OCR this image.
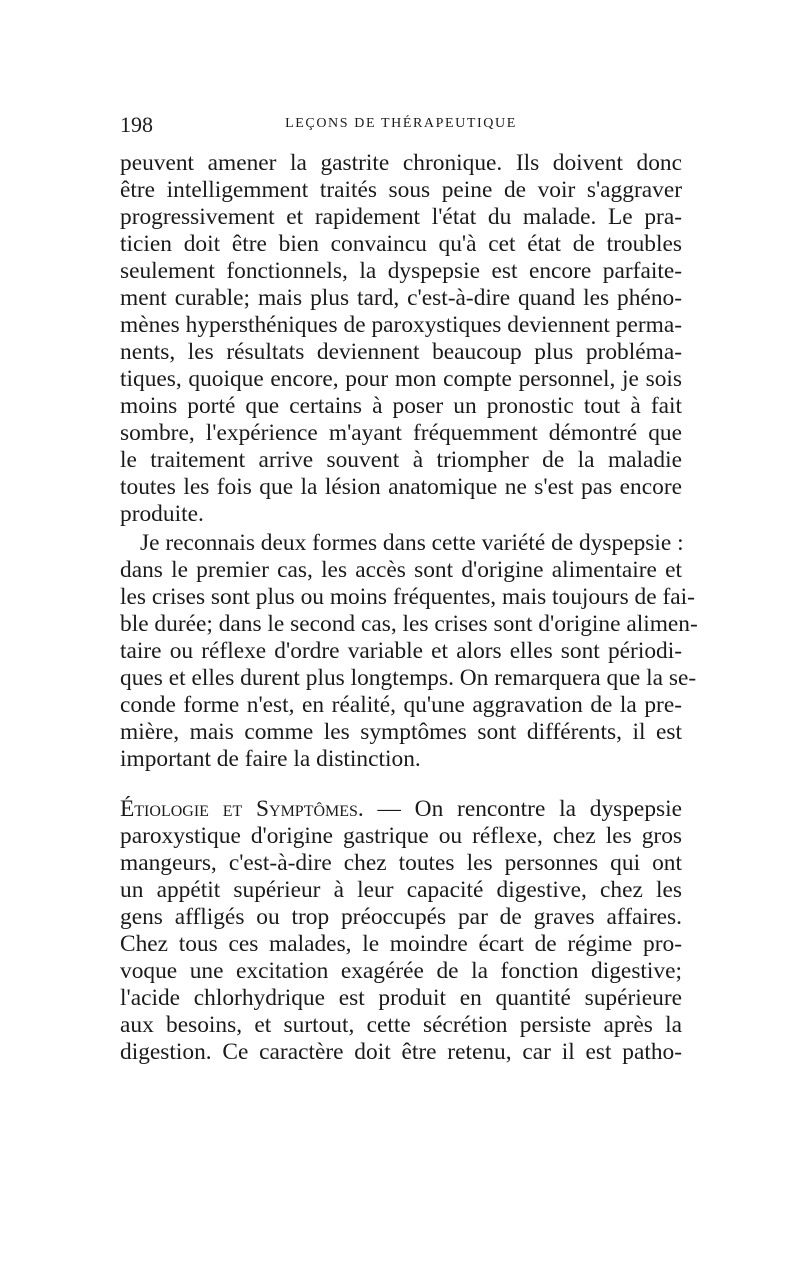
198	LEÇONS DE THÉRAPEUTIQUE
peuvent amener la gastrite chronique. Ils doivent donc
être intelligemment traités sous peine de voir s'aggraver
progressivement et rapidement l'état du malade. Le pra-
ticien doit être bien convaincu qu'à cet état de troubles
seulement fonctionnels, la dyspepsie est encore parfaite-
ment curable; mais plus tard, c'est-à-dire quand les phéno-
mènes hypersthéniques de paroxystiques deviennent perma-
nents, les résultats deviennent beaucoup plus probléma-
tiques, quoique encore, pour mon compte personnel, je sois
moins porté que certains à poser un pronostic tout à fait
sombre, l'expérience m'ayant fréquemment démontré que
le traitement arrive souvent à triompher de la maladie
toutes les fois que la lésion anatomique ne s'est pas encore
produite.
Je reconnais deux formes dans cette variété de dyspepsie :
dans le premier cas, les accès sont d'origine alimentaire et
les crises sont plus ou moins fréquentes, mais toujours de fai-
ble durée; dans le second cas, les crises sont d'origine alimen-
taire ou réflexe d'ordre variable et alors elles sont périodi-
ques et elles durent plus longtemps. On remarquera que la se-
conde forme n'est, en réalité, qu'une aggravation de la pre-
mière, mais comme les symptômes sont différents, il est
important de faire la distinction.
Étiologie et Symptômes. — On rencontre la dyspepsie
paroxystique d'origine gastrique ou réflexe, chez les gros
mangeurs, c'est-à-dire chez toutes les personnes qui ont
un appétit supérieur à leur capacité digestive, chez les
gens affligés ou trop préoccupés par de graves affaires.
Chez tous ces malades, le moindre écart de régime pro-
voque une excitation exagérée de la fonction digestive;
l'acide chlorhydrique est produit en quantité supérieure
aux besoins, et surtout, cette sécrétion persiste après la
digestion. Ce caractère doit être retenu, car il est patho-
